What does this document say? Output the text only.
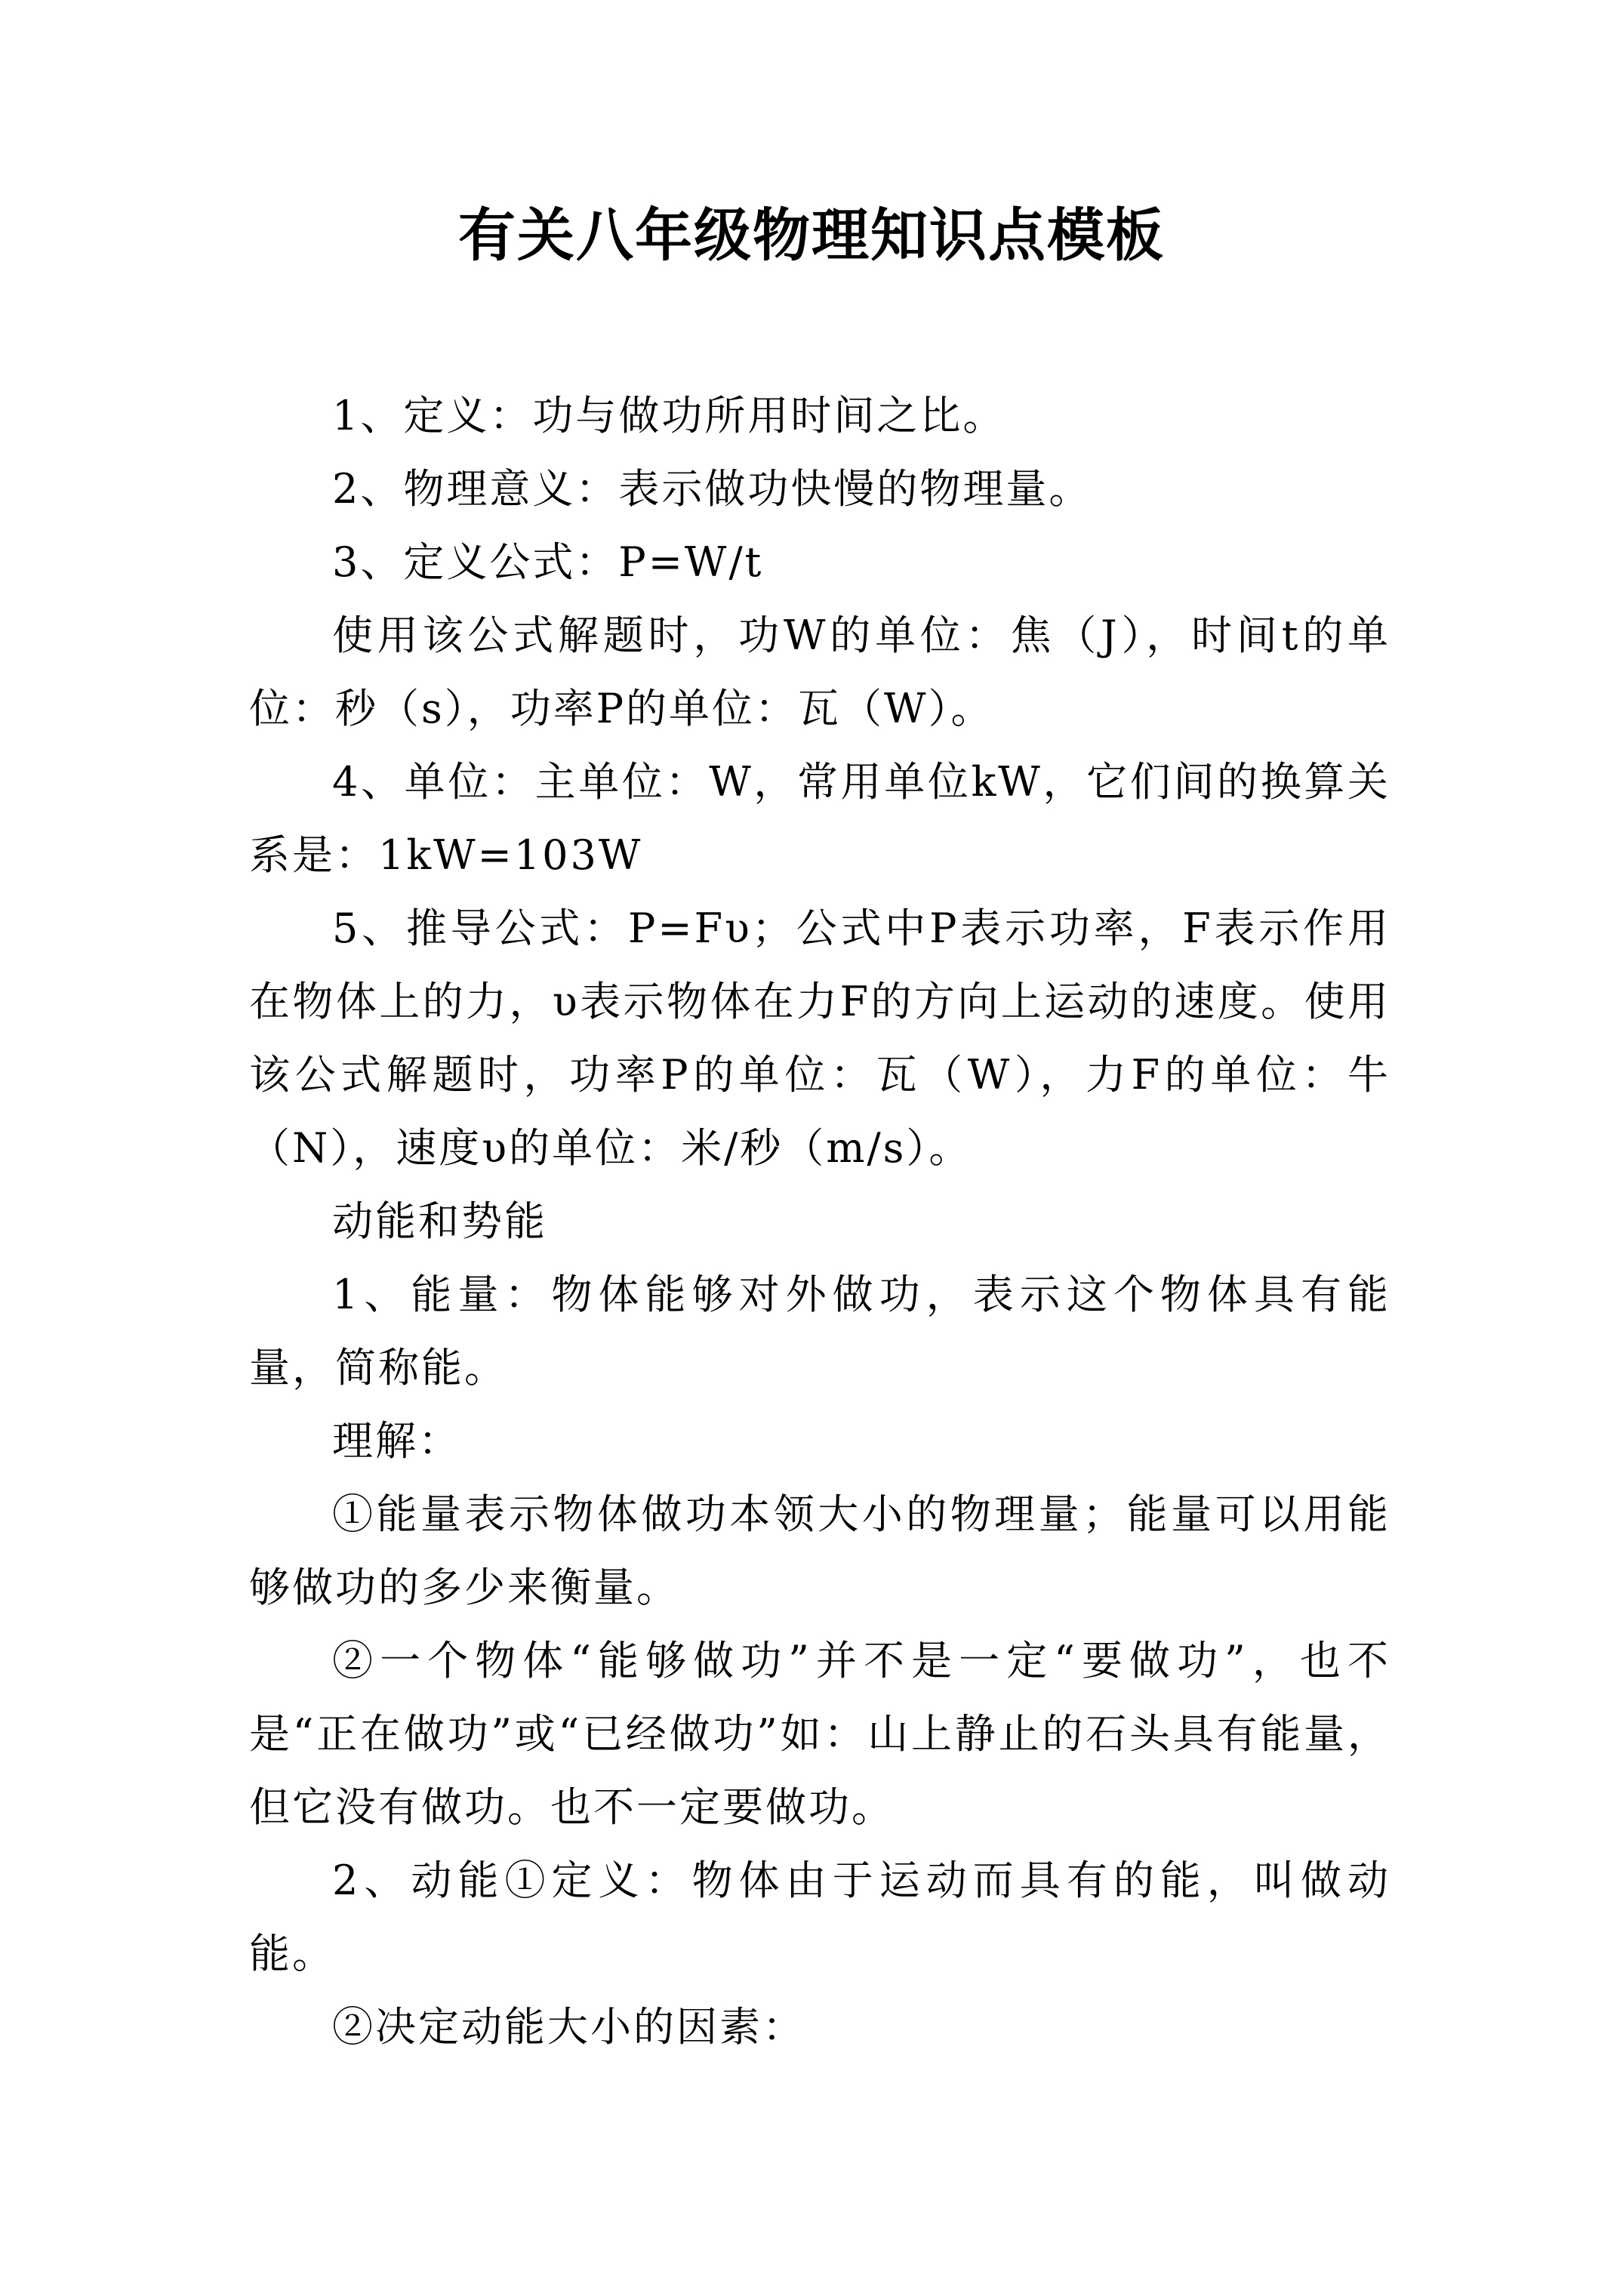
有关八年级物理知识点模板

1、定义：功与做功所用时间之比。

2、物理意义：表示做功快慢的物理量。

3、定义公式：P=W/t

使用该公式解题时，功W的单位：焦（J），时间t的单位：秒（s），功率P的单位：瓦（W）。

4、单位：主单位：W，常用单位kW，它们间的换算关系是：1kW=103W

5、推导公式：P=Fυ；公式中P表示功率，F表示作用在物体上的力，υ表示物体在力F的方向上运动的速度。使用该公式解题时，功率P的单位：瓦（W），力F的单位：牛（N），速度υ的单位：米/秒（m/s）。

动能和势能

1、能量：物体能够对外做功，表示这个物体具有能量，简称能。

理解：

①能量表示物体做功本领大小的物理量；能量可以用能够做功的多少来衡量。

②一个物体“能够做功”并不是一定“要做功”，也不是“正在做功”或“已经做功”如：山上静止的石头具有能量，但它没有做功。也不一定要做功。

2、动能①定义：物体由于运动而具有的能，叫做动能。

②决定动能大小的因素：
